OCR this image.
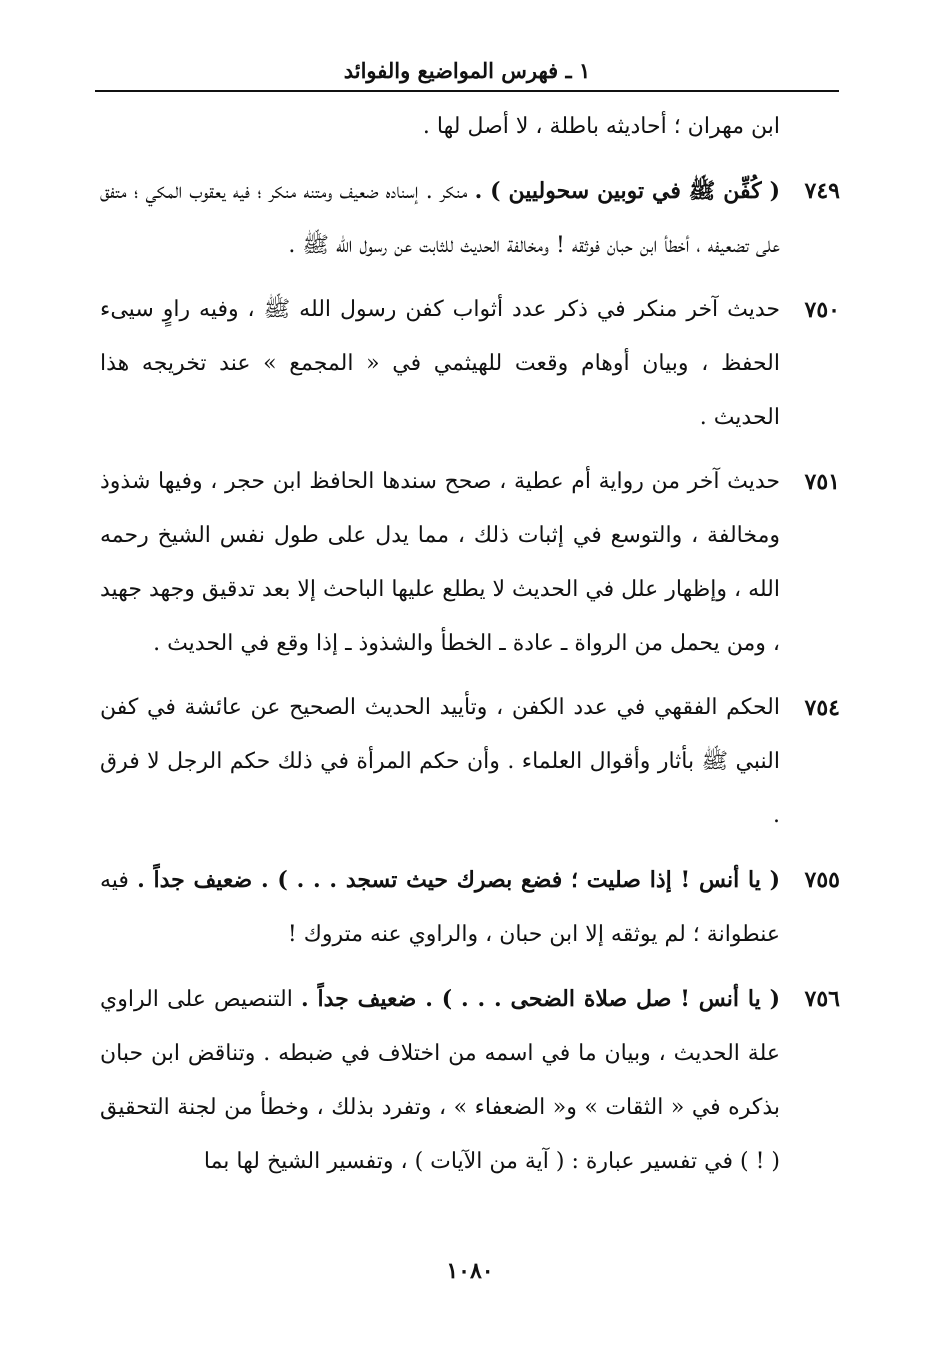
١ ـ فهرس المواضيع والفوائد
ابن مهران ؛ أحاديثه باطلة ، لا أصل لها .
٧٤٩
( كُفِّن ﷺ في توبين سحوليين ) . منكر . إسناده ضعيف ومتنه منكر ؛ فيه يعقوب المكي ؛ متفق على تضعيفه ، أخطأ ابن حبان فوثقه ! ومخالفة الحديث للثابت عن رسول الله ﷺ .
٧٥٠
حديث آخر منكر في ذكر عدد أثواب كفن رسول الله ﷺ ، وفيه راوٍ سيىء الحفظ ، وبيان أوهام وقعت للهيثمي في « المجمع » عند تخريجه هذا الحديث .
٧٥١
حديث آخر من رواية أم عطية ، صحح سندها الحافظ ابن حجر ، وفيها شذوذ ومخالفة ، والتوسع في إثبات ذلك ، مما يدل على طول نفس الشيخ رحمه الله ، وإظهار علل في الحديث لا يطلع عليها الباحث إلا بعد تدقيق وجهد جهيد ، ومن يحمل من الرواة ـ عادة ـ الخطأ والشذوذ ـ إذا وقع في الحديث .
٧٥٤
الحكم الفقهي في عدد الكفن ، وتأييد الحديث الصحيح عن عائشة في كفن النبي ﷺ بأثار وأقوال العلماء . وأن حكم المرأة في ذلك حكم الرجل لا فرق .
٧٥٥
( يا أنس ! إذا صليت ؛ فضع بصرك حيث تسجد . . . ) . ضعيف جداً . فيه عنطوانة ؛ لم يوثقه إلا ابن حبان ، والراوي عنه متروك !
٧٥٦
( يا أنس ! صل صلاة الضحى . . . ) . ضعيف جداً . التنصيص على الراوي علة الحديث ، وبيان ما في اسمه من اختلاف في ضبطه . وتناقض ابن حبان بذكره في « الثقات » و« الضعفاء » ، وتفرد بذلك ، وخطأ من لجنة التحقيق ( ! ) في تفسير عبارة : ( آية من الآيات ) ، وتفسير الشيخ لها بما
١٠٨٠
